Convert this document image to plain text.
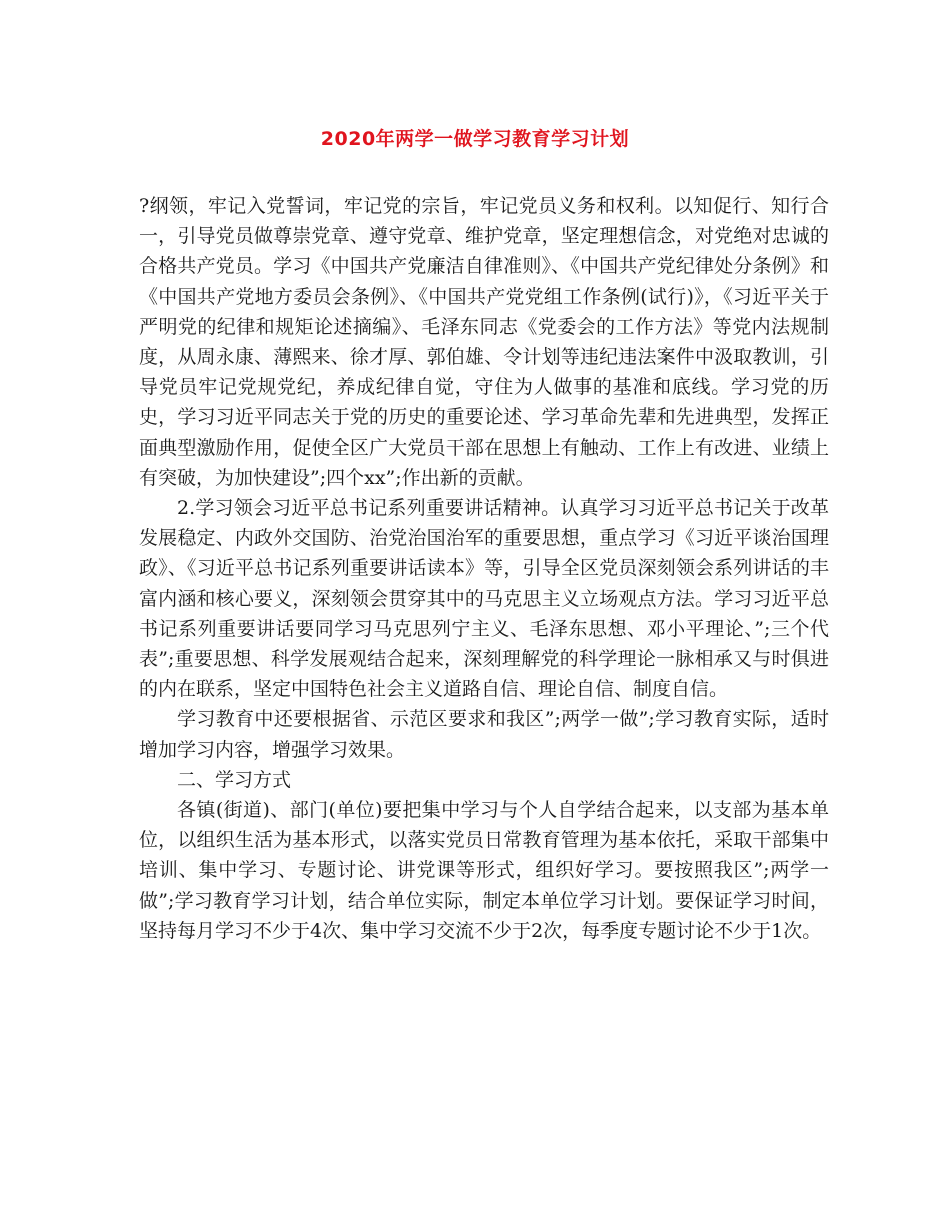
2020年两学一做学习教育学习计划

?纲领，牢记入党誓词，牢记党的宗旨，牢记党员义务和权利。以知促行、知行合一，引导党员做尊崇党章、遵守党章、维护党章，坚定理想信念，对党绝对忠诚的合格共产党员。学习《中国共产党廉洁自律准则》、《中国共产党纪律处分条例》和《中国共产党地方委员会条例》、《中国共产党党组工作条例(试行)》，《习近平关于严明党的纪律和规矩论述摘编》、毛泽东同志《党委会的工作方法》等党内法规制度，从周永康、薄熙来、徐才厚、郭伯雄、令计划等违纪违法案件中汲取教训，引导党员牢记党规党纪，养成纪律自觉，守住为人做事的基准和底线。学习党的历史，学习习近平同志关于党的历史的重要论述、学习革命先辈和先进典型，发挥正面典型激励作用，促使全区广大党员干部在思想上有触动、工作上有改进、业绩上有突破，为加快建设”;四个xx”;作出新的贡献。

2.学习领会习近平总书记系列重要讲话精神。认真学习习近平总书记关于改革发展稳定、内政外交国防、治党治国治军的重要思想，重点学习《习近平谈治国理政》、《习近平总书记系列重要讲话读本》等，引导全区党员深刻领会系列讲话的丰富内涵和核心要义，深刻领会贯穿其中的马克思主义立场观点方法。学习习近平总书记系列重要讲话要同学习马克思列宁主义、毛泽东思想、邓小平理论、”;三个代表”;重要思想、科学发展观结合起来，深刻理解党的科学理论一脉相承又与时俱进的内在联系，坚定中国特色社会主义道路自信、理论自信、制度自信。

学习教育中还要根据省、示范区要求和我区”;两学一做”;学习教育实际，适时增加学习内容，增强学习效果。

二、学习方式

各镇(街道)、部门(单位)要把集中学习与个人自学结合起来，以支部为基本单位，以组织生活为基本形式，以落实党员日常教育管理为基本依托，采取干部集中培训、集中学习、专题讨论、讲党课等形式，组织好学习。要按照我区”;两学一做”;学习教育学习计划，结合单位实际，制定本单位学习计划。要保证学习时间，坚持每月学习不少于4次、集中学习交流不少于2次，每季度专题讨论不少于1次。
